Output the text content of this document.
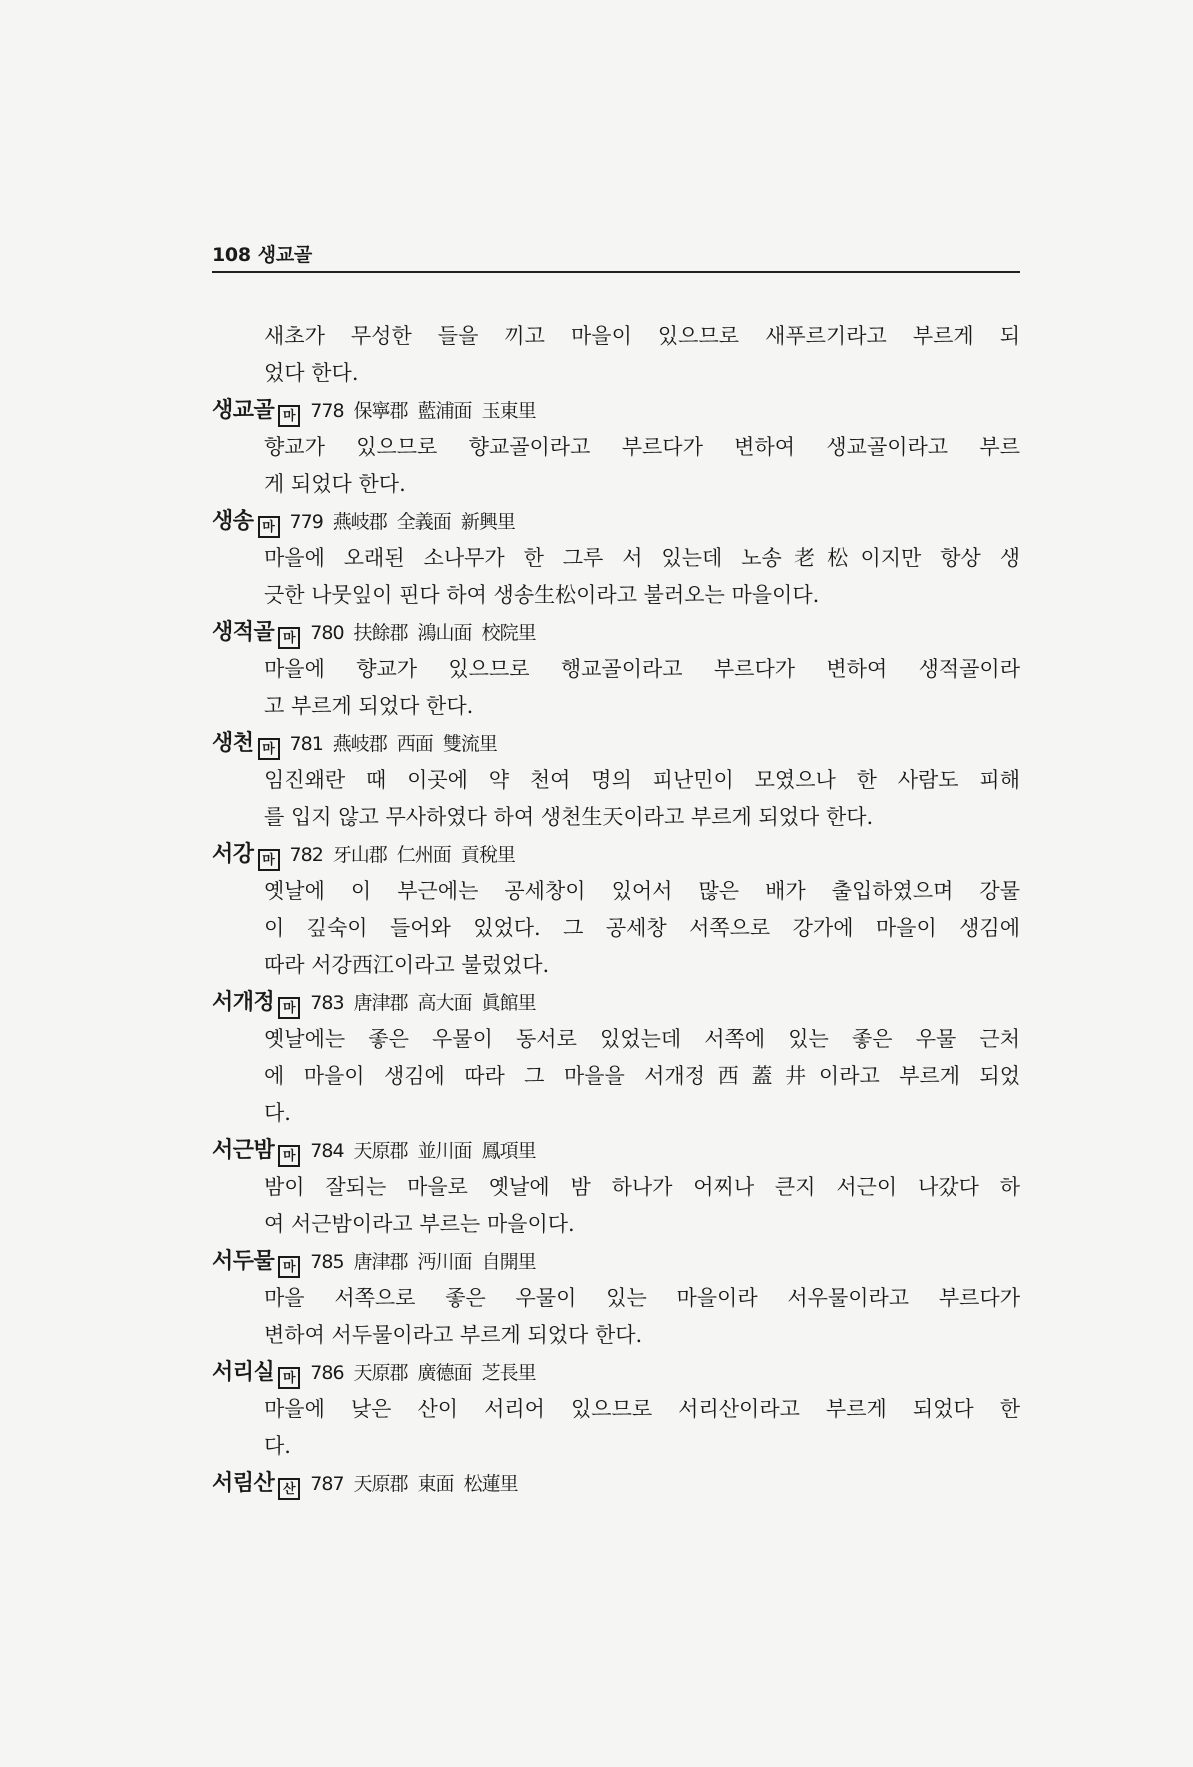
108 생교골
새초가 무성한 들을 끼고 마을이 있으므로 새푸르기라고 부르게 되
었다 한다.
생교골 마 778 保寧郡 藍浦面 玉東里
향교가 있으므로 향교골이라고 부르다가 변하여 생교골이라고 부르
게 되었다 한다.
생송 마 779 燕岐郡 全義面 新興里
마을에 오래된 소나무가 한 그루 서 있는데 노송老松이지만 항상 생
긋한 나뭇잎이 핀다 하여 생송生松이라고 불러오는 마을이다.
생적골 마 780 扶餘郡 鴻山面 校院里
마을에 향교가 있으므로 행교골이라고 부르다가 변하여 생적골이라
고 부르게 되었다 한다.
생천 마 781 燕岐郡 西面 雙流里
임진왜란 때 이곳에 약 천여 명의 피난민이 모였으나 한 사람도 피해
를 입지 않고 무사하였다 하여 생천生天이라고 부르게 되었다 한다.
서강 마 782 牙山郡 仁州面 貢稅里
옛날에 이 부근에는 공세창이 있어서 많은 배가 출입하였으며 강물
이 깊숙이 들어와 있었다. 그 공세창 서쪽으로 강가에 마을이 생김에
따라 서강西江이라고 불렀었다.
서개정 마 783 唐津郡 高大面 眞館里
옛날에는 좋은 우물이 동서로 있었는데 서쪽에 있는 좋은 우물 근처
에 마을이 생김에 따라 그 마을을 서개정西蓋井이라고 부르게 되었
다.
서근밤 마 784 天原郡 並川面 鳳項里
밤이 잘되는 마을로 옛날에 밤 하나가 어찌나 큰지 서근이 나갔다 하
여 서근밤이라고 부르는 마을이다.
서두물 마 785 唐津郡 沔川面 自開里
마을 서쪽으로 좋은 우물이 있는 마을이라 서우물이라고 부르다가
변하여 서두물이라고 부르게 되었다 한다.
서리실 마 786 天原郡 廣德面 芝長里
마을에 낮은 산이 서리어 있으므로 서리산이라고 부르게 되었다 한
다.
서림산 산 787 天原郡 東面 松蓮里
